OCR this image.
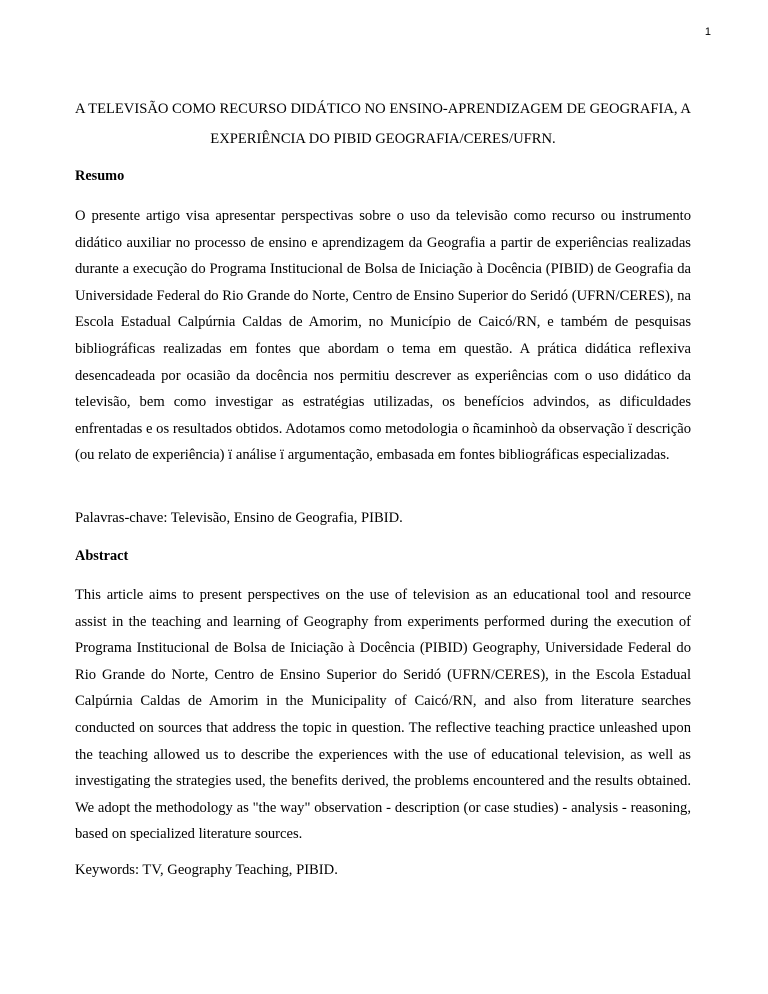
1
A TELEVISÃO COMO RECURSO DIDÁTICO NO ENSINO-APRENDIZAGEM DE GEOGRAFIA, A EXPERIÊNCIA DO PIBID GEOGRAFIA/CERES/UFRN.
Resumo

O presente artigo visa apresentar perspectivas sobre o uso da televisão como recurso ou instrumento didático auxiliar no processo de ensino e aprendizagem da Geografia a partir de experiências realizadas durante a execução do Programa Institucional de Bolsa de Iniciação à Docência (PIBID) de Geografia da Universidade Federal do Rio Grande do Norte, Centro de Ensino Superior do Seridó (UFRN/CERES), na Escola Estadual Calpúrnia Caldas de Amorim, no Município de Caicó/RN, e também de pesquisas bibliográficas realizadas em fontes que abordam o tema em questão. A prática didática reflexiva desencadeada por ocasião da docência nos permitiu descrever as experiências com o uso didático da televisão, bem como investigar as estratégias utilizadas, os benefícios advindos, as dificuldades enfrentadas e os resultados obtidos. Adotamos como metodologia o ñcaminhoò da observação ï descrição (ou relato de experiência) ï análise ï argumentação, embasada em fontes bibliográficas especializadas.

Palavras-chave: Televisão, Ensino de Geografia, PIBID.

Abstract

This article aims to present perspectives on the use of television as an educational tool and resource assist in the teaching and learning of Geography from experiments performed during the execution of Programa Institucional de Bolsa de Iniciação à Docência (PIBID) Geography, Universidade Federal do Rio Grande do Norte, Centro de Ensino Superior do Seridó (UFRN/CERES), in the Escola Estadual Calpúrnia Caldas de Amorim in the Municipality of Caicó/RN, and also from literature searches conducted on sources that address the topic in question. The reflective teaching practice unleashed upon the teaching allowed us to describe the experiences with the use of educational television, as well as investigating the strategies used, the benefits derived, the problems encountered and the results obtained. We adopt the methodology as "the way" observation - description (or case studies) - analysis - reasoning, based on specialized literature sources.

Keywords: TV, Geography Teaching, PIBID.
